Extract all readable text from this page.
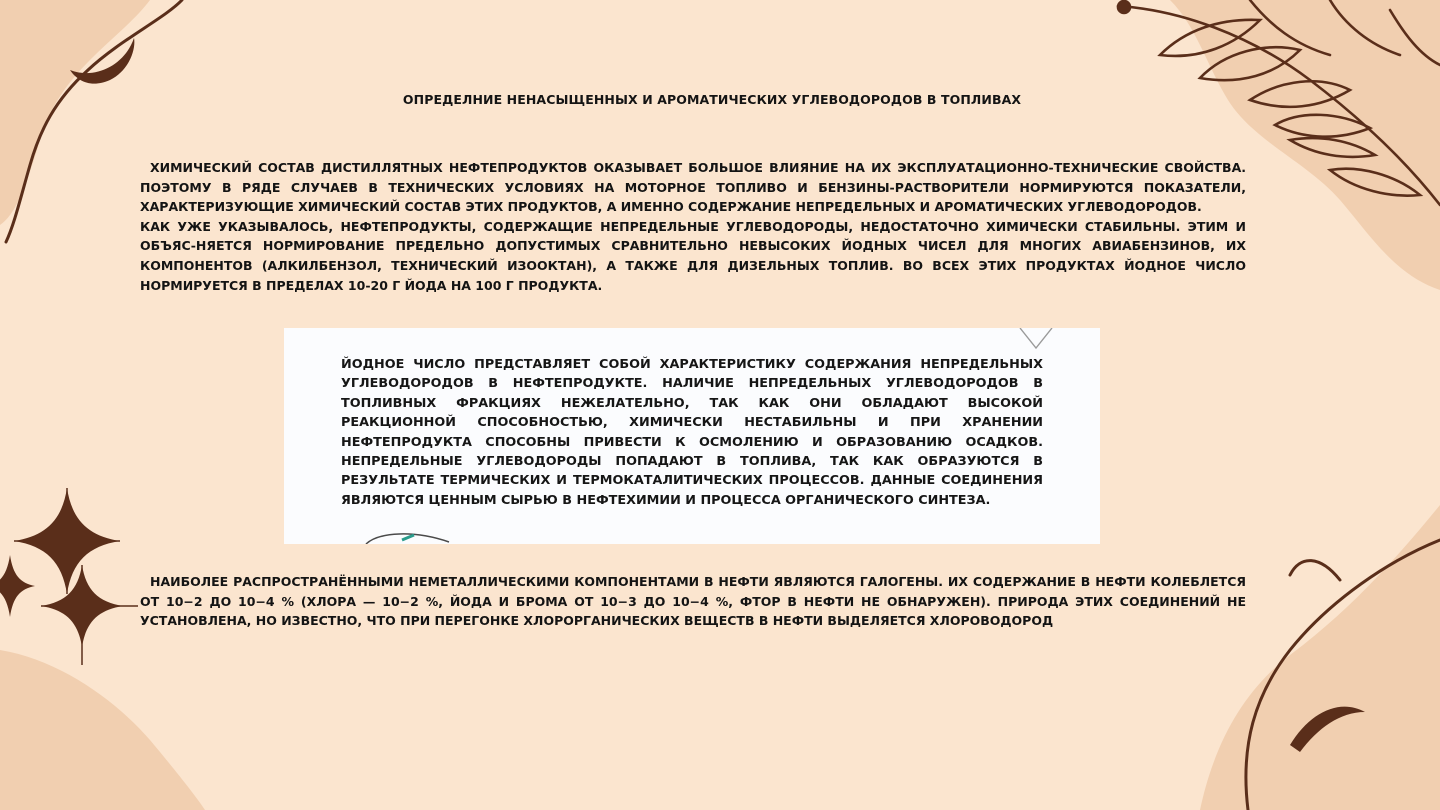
ОПРЕДЕЛНИЕ НЕНАСЫЩЕННЫХ И АРОМАТИЧЕСКИХ УГЛЕВОДОРОДОВ В ТОПЛИВАХ

ХИМИЧЕСКИЙ СОСТАВ ДИСТИЛЛЯТНЫХ НЕФТЕПРОДУКТОВ ОКАЗЫВАЕТ БОЛЬШОЕ ВЛИЯНИЕ НА ИХ ЭКСПЛУАТАЦИОННО-ТЕХНИЧЕСКИЕ СВОЙСТВА. ПОЭТОМУ В РЯДЕ СЛУЧАЕВ В ТЕХНИЧЕСКИХ УСЛОВИЯХ НА МОТОРНОЕ ТОПЛИВО И БЕНЗИНЫ-РАСТВОРИТЕЛИ НОРМИРУЮТСЯ ПОКАЗАТЕЛИ, ХАРАКТЕРИЗУЮЩИЕ ХИМИЧЕСКИЙ СОСТАВ ЭТИХ ПРОДУКТОВ, А ИМЕННО СОДЕРЖАНИЕ НЕПРЕДЕЛЬНЫХ И АРОМАТИЧЕСКИХ УГЛЕВОДОРОДОВ.

КАК УЖЕ УКАЗЫВАЛОСЬ, НЕФТЕПРОДУКТЫ, СОДЕРЖАЩИЕ НЕПРЕДЕЛЬНЫЕ УГЛЕВОДОРОДЫ, НЕДОСТАТОЧНО ХИМИЧЕСКИ СТАБИЛЬНЫ. ЭТИМ И ОБЪЯС-НЯЕТСЯ НОРМИРОВАНИЕ ПРЕДЕЛЬНО ДОПУСТИМЫХ СРАВНИТЕЛЬНО НЕВЫСОКИХ ЙОДНЫХ ЧИСЕЛ ДЛЯ МНОГИХ АВИАБЕНЗИНОВ, ИХ КОМПОНЕНТОВ (АЛКИЛБЕНЗОЛ, ТЕХНИЧЕСКИЙ ИЗООКТАН), А ТАКЖЕ ДЛЯ ДИЗЕЛЬНЫХ ТОПЛИВ. ВО ВСЕХ ЭТИХ ПРОДУКТАХ ЙОДНОЕ ЧИСЛО НОРМИРУЕТСЯ В ПРЕДЕЛАХ 10-20 Г ЙОДА НА 100 Г ПРОДУКТА.

ЙОДНОЕ ЧИСЛО ПРЕДСТАВЛЯЕТ СОБОЙ ХАРАКТЕРИСТИКУ СОДЕРЖАНИЯ НЕПРЕДЕЛЬНЫХ УГЛЕВОДОРОДОВ В НЕФТЕПРОДУКТЕ. НАЛИЧИЕ НЕПРЕДЕЛЬНЫХ УГЛЕВОДОРОДОВ В ТОПЛИВНЫХ ФРАКЦИЯХ НЕЖЕЛАТЕЛЬНО, ТАК КАК ОНИ ОБЛАДАЮТ ВЫСОКОЙ РЕАКЦИОННОЙ СПОСОБНОСТЬЮ, ХИМИЧЕСКИ НЕСТАБИЛЬНЫ И ПРИ ХРАНЕНИИ НЕФТЕПРОДУКТА СПОСОБНЫ ПРИВЕСТИ К ОСМОЛЕНИЮ И ОБРАЗОВАНИЮ ОСАДКОВ. НЕПРЕДЕЛЬНЫЕ УГЛЕВОДОРОДЫ ПОПАДАЮТ В ТОПЛИВА, ТАК КАК ОБРАЗУЮТСЯ В РЕЗУЛЬТАТЕ ТЕРМИЧЕСКИХ И ТЕРМОКАТАЛИТИЧЕСКИХ ПРОЦЕССОВ. ДАННЫЕ СОЕДИНЕНИЯ ЯВЛЯЮТСЯ ЦЕННЫМ СЫРЬЮ В НЕФТЕХИМИИ И ПРОЦЕССА ОРГАНИЧЕСКОГО СИНТЕЗА.

НАИБОЛЕЕ РАСПРОСТРАНЁННЫМИ НЕМЕТАЛЛИЧЕСКИМИ КОМПОНЕНТАМИ В НЕФТИ ЯВЛЯЮТСЯ ГАЛОГЕНЫ. ИХ СОДЕРЖАНИЕ В НЕФТИ КОЛЕБЛЕТСЯ ОТ 10−2 ДО 10−4 % (ХЛОРА — 10−2 %, ЙОДА И БРОМА ОТ 10−3 ДО 10−4 %, ФТОР В НЕФТИ НЕ ОБНАРУЖЕН). ПРИРОДА ЭТИХ СОЕДИНЕНИЙ НЕ УСТАНОВЛЕНА, НО ИЗВЕСТНО, ЧТО ПРИ ПЕРЕГОНКЕ ХЛОРОРГАНИЧЕСКИХ ВЕЩЕСТВ В НЕФТИ ВЫДЕЛЯЕТСЯ ХЛОРОВОДОРОД
